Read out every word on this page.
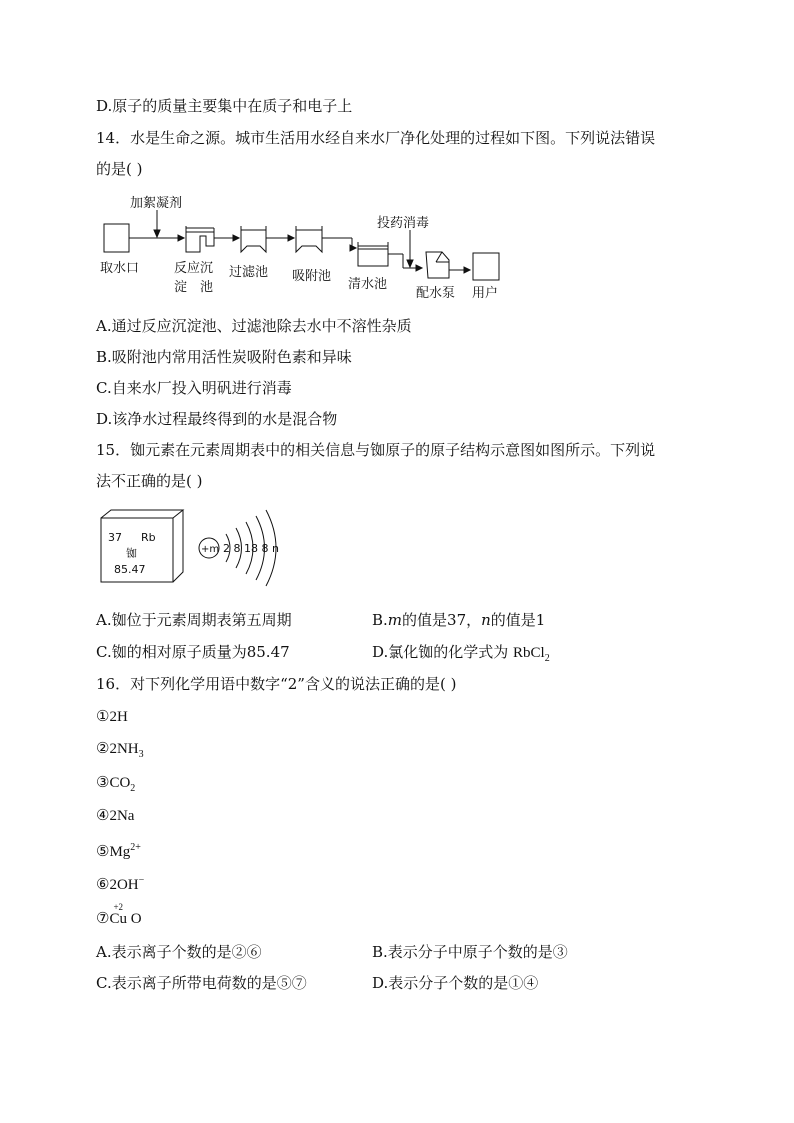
D.原子的质量主要集中在质子和电子上
14．水是生命之源。城市生活用水经自来水厂净化处理的过程如下图。下列说法错误
的是( )
加絮凝剂
投药消毒
取水口	反应沉
淀　池
过滤池 吸附池
清水池
配水泵 用户
A.通过反应沉淀池、过滤池除去水中不溶性杂质
B.吸附池内常用活性炭吸附色素和异味
C.自来水厂投入明矾进行消毒
D.该净水过程最终得到的水是混合物
15．铷元素在元素周期表中的相关信息与铷原子的原子结构示意图如图所示。下列说
法不正确的是( )
37 Rb
铷
85.47
+m 2 8 18 8 n
A.铷位于元素周期表第五周期	B.m的值是37，n的值是1
C.铷的相对原子质量为85.47	D.氯化铷的化学式为 RbCl$_2$
16．对下列化学用语中数字“2”含义的说法正确的是( )
①2H
$②2NH_3$
$③CO_2$
④2Na
$⑤Mg^{2+}$
⑥2OH−
⑦
+2
Cu O
A.表示离子个数的是②⑥	B.表示分子中原子个数的是③
C.表示离子所带电荷数的是⑤⑦	D.表示分子个数的是①④
